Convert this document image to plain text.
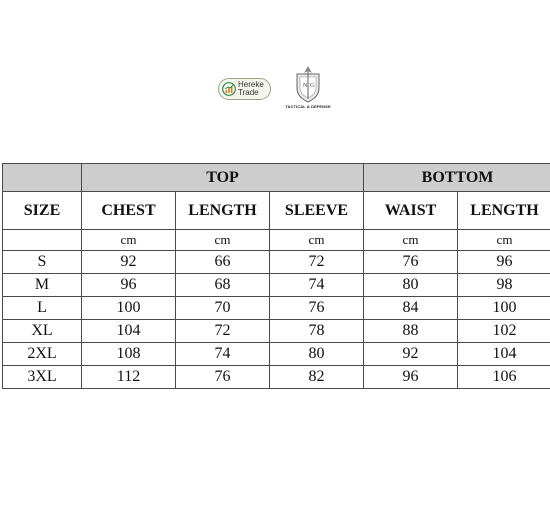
Hereke
Trade
N G
TACTICAL & DEFENSE
	TOP			BOTTOM	
SIZE	CHEST	LENGTH	SLEEVE	WAIST	LENGTH
	cm	cm	cm	cm	cm
S	92	66	72	76	96
M	96	68	74	80	98
L	100	70	76	84	100
XL	104	72	78	88	102
2XL	108	74	80	92	104
3XL	112	76	82	96	106
